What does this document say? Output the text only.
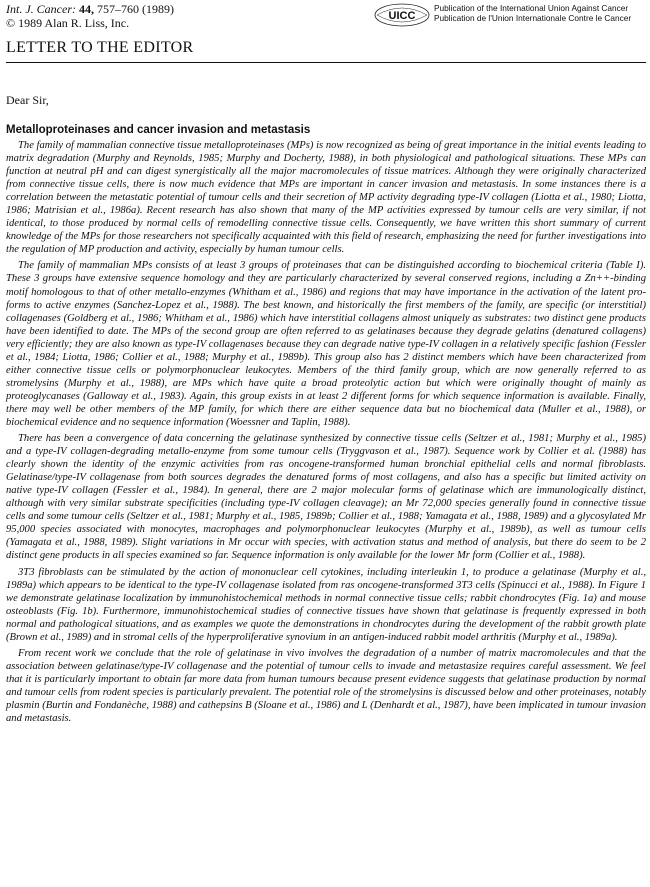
Int. J. Cancer: 44, 757–760 (1989)
© 1989 Alan R. Liss, Inc.	UICC
Publication of the International Union Against Cancer
Publication de l'Union Internationale Contre le Cancer
LETTER TO THE EDITOR
Dear Sir,
Metalloproteinases and cancer invasion and metastasis

The family of mammalian connective tissue metalloproteinases (MPs) is now recognized as being of great importance in the initial events leading to matrix degradation (Murphy and Reynolds, 1985; Murphy and Docherty, 1988), in both physiological and pathological situations. These MPs can function at neutral pH and can digest synergistically all the major macromolecules of tissue matrices. Although they were originally characterized from connective tissue cells, there is now much evidence that MPs are important in cancer invasion and metastasis. In some instances there is a correlation between the metastatic potential of tumour cells and their secretion of MP activity degrading type-IV collagen (Liotta et al., 1980; Liotta, 1986; Matrisian et al., 1986a). Recent research has also shown that many of the MP activities expressed by tumour cells are very similar, if not identical, to those produced by normal cells of remodelling connective tissue cells. Consequently, we have written this short summary of current knowledge of the MPs for those researchers not specifically acquainted with this field of research, emphasizing the need for further investigations into the regulation of MP production and activity, especially by human tumour cells.

The family of mammalian MPs consists of at least 3 groups of proteinases that can be distinguished according to biochemical criteria (Table I). These 3 groups have extensive sequence homology and they are particularly characterized by several conserved regions, including a Zn++-binding motif homologous to that of other metallo-enzymes (Whitham et al., 1986) and regions that may have importance in the activation of the latent pro-forms to active enzymes (Sanchez-Lopez et al., 1988). The best known, and historically the first members of the family, are specific (or interstitial) collagenases (Goldberg et al., 1986; Whitham et al., 1986) which have interstitial collagens almost uniquely as substrates: two distinct gene products have been identified to date. The MPs of the second group are often referred to as gelatinases because they degrade gelatins (denatured collagens) very efficiently; they are also known as type-IV collagenases because they can degrade native type-IV collagen in a relatively specific fashion (Fessler et al., 1984; Liotta, 1986; Collier et al., 1988; Murphy et al., 1989b). This group also has 2 distinct members which have been characterized from either connective tissue cells or polymorphonuclear leukocytes. Members of the third family group, which are now generally referred to as stromelysins (Murphy et al., 1988), are MPs which have quite a broad proteolytic action but which were originally thought of mainly as proteoglycanases (Galloway et al., 1983). Again, this group exists in at least 2 different forms for which sequence information is available. Finally, there may well be other members of the MP family, for which there are either sequence data but no biochemical data (Muller et al., 1988), or biochemical evidence and no sequence information (Woessner and Taplin, 1988).

There has been a convergence of data concerning the gelatinase synthesized by connective tissue cells (Seltzer et al., 1981; Murphy et al., 1985) and a type-IV collagen-degrading metallo-enzyme from some tumour cells (Tryggvason et al., 1987). Sequence work by Collier et al. (1988) has clearly shown the identity of the enzymic activities from ras oncogene-transformed human bronchial epithelial cells and normal fibroblasts. Gelatinase/type-IV collagenase from both sources degrades the denatured forms of most collagens, and also has a specific but limited activity on native type-IV collagen (Fessler et al., 1984). In general, there are 2 major molecular forms of gelatinase which are immunologically distinct, although with very similar substrate specificities (including type-IV collagen cleavage); an Mr 72,000 species generally found in connective tissue cells and some tumour cells (Seltzer et al., 1981; Murphy et al., 1985, 1989b; Collier et al., 1988; Yamagata et al., 1988, 1989) and a glycosylated Mr 95,000 species associated with monocytes, macrophages and polymorphonuclear leukocytes (Murphy et al., 1989b), as well as tumour cells (Yamagata et al., 1988, 1989). Slight variations in Mr occur with species, with activation status and method of analysis, but there do seem to be 2 distinct gene products in all species examined so far. Sequence information is only available for the lower Mr form (Collier et al., 1988).

3T3 fibroblasts can be stimulated by the action of mononuclear cell cytokines, including interleukin 1, to produce a gelatinase (Murphy et al., 1989a) which appears to be identical to the type-IV collagenase isolated from ras oncogene-transformed 3T3 cells (Spinucci et al., 1988). In Figure 1 we demonstrate gelatinase localization by immunohistochemical methods in normal connective tissue cells; rabbit chondrocytes (Fig. 1a) and mouse osteoblasts (Fig. 1b). Furthermore, immunohistochemical studies of connective tissues have shown that gelatinase is frequently expressed in both normal and pathological situations, and as examples we quote the demonstrations in chondrocytes during the development of the rabbit growth plate (Brown et al., 1989) and in stromal cells of the hyperproliferative synovium in an antigen-induced rabbit model arthritis (Murphy et al., 1989a).

From recent work we conclude that the role of gelatinase in vivo involves the degradation of a number of matrix macromolecules and that the association between gelatinase/type-IV collagenase and the potential of tumour cells to invade and metastasize requires careful assessment. We feel that it is particularly important to obtain far more data from human tumours because present evidence suggests that gelatinase production by normal and tumour cells from rodent species is particularly prevalent. The potential role of the stromelysins is discussed below and other proteinases, notably plasmin (Burtin and Fondanèche, 1988) and cathepsins B (Sloane et al., 1986) and L (Denhardt et al., 1987), have been implicated in tumour invasion and metastasis.
